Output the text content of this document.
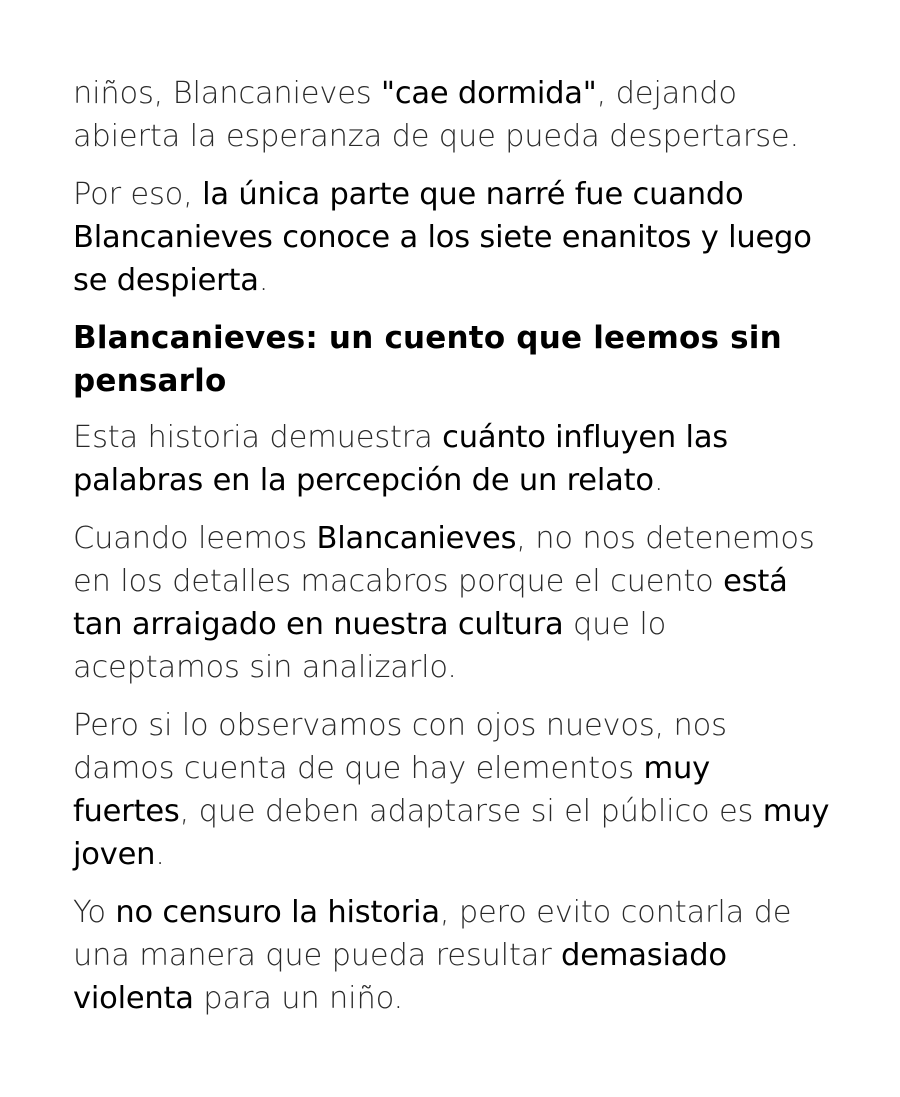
niños, Blancanieves "cae dormida", dejando abierta la esperanza de que pueda despertarse.

Por eso, la única parte que narré fue cuando Blancanieves conoce a los siete enanitos y luego se despierta.

Blancanieves: un cuento que leemos sin pensarlo

Esta historia demuestra cuánto influyen las palabras en la percepción de un relato.

Cuando leemos Blancanieves, no nos detenemos en los detalles macabros porque el cuento está tan arraigado en nuestra cultura que lo aceptamos sin analizarlo.

Pero si lo observamos con ojos nuevos, nos damos cuenta de que hay elementos muy fuertes, que deben adaptarse si el público es muy joven.

Yo no censuro la historia, pero evito contarla de una manera que pueda resultar demasiado violenta para un niño.
